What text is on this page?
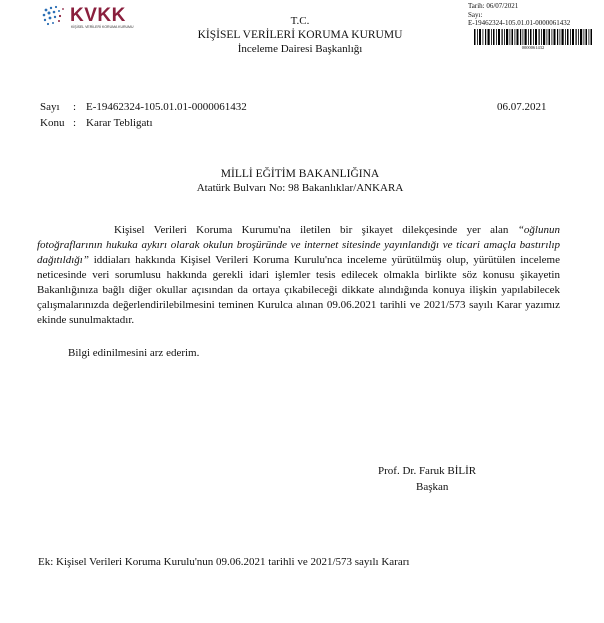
KVKK
KİŞİSEL VERİLERİ KORUMA KURUMU	T.C.
KİŞİSEL VERİLERİ KORUMA KURUMU
İnceleme Dairesi Başkanlığı
Tarih: 06/07/2021
Sayı:
E-19462324-105.01.01-0000061432
0000061432
Sayı : E-19462324-105.01.01-0000061432	06.07.2021
Konu : Karar Tebligatı
MİLLİ EĞİTİM BAKANLIĞINA
Atatürk Bulvarı No: 98 Bakanlıklar/ANKARA

Kişisel Verileri Koruma Kurumu'na iletilen bir şikayet dilekçesinde yer alan “oğlunun fotoğraflarının hukuka aykırı olarak okulun broşüründe ve internet sitesinde yayınlandığı ve ticari amaçla bastırılıp dağıtıldığı” iddiaları hakkında Kişisel Verileri Koruma Kurulu'nca inceleme yürütülmüş olup, yürütülen inceleme neticesinde veri sorumlusu hakkında gerekli idari işlemler tesis edilecek olmakla birlikte söz konusu şikayetin Bakanlığınıza bağlı diğer okullar açısından da ortaya çıkabileceği dikkate alındığında konuya ilişkin yapılabilecek çalışmalarınızda değerlendirilebilmesini teminen Kurulca alınan 09.06.2021 tarihli ve 2021/573 sayılı Karar yazımız ekinde sunulmaktadır.

Bilgi edinilmesini arz ederim.
Prof. Dr. Faruk BİLİR
Başkan
Ek: Kişisel Verileri Koruma Kurulu'nun 09.06.2021 tarihli ve 2021/573 sayılı Kararı
